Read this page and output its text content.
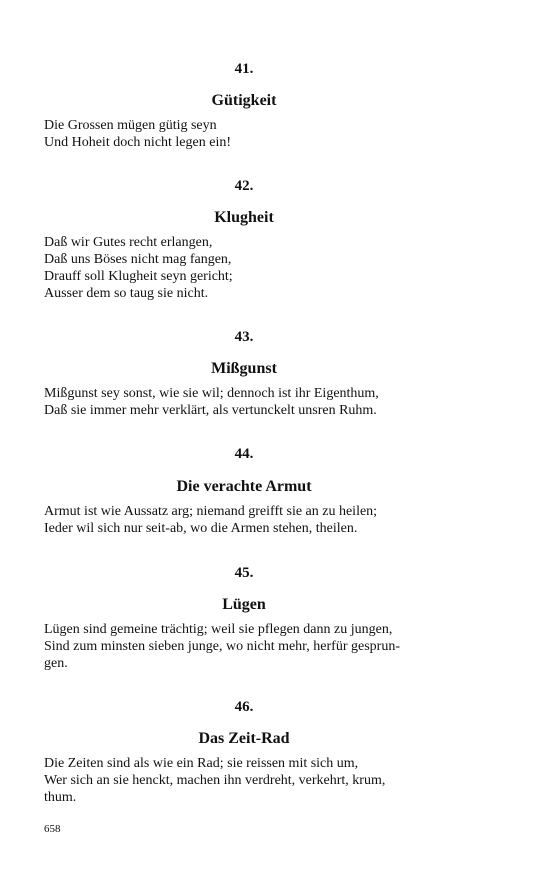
41.
Gütigkeit

Die Grossen mügen gütig seyn
Und Hoheit doch nicht legen ein!

42.
Klugheit

Daß wir Gutes recht erlangen,
Daß uns Böses nicht mag fangen,
Drauff soll Klugheit seyn gericht;
Ausser dem so taug sie nicht.

43.
Mißgunst

Mißgunst sey sonst, wie sie wil; dennoch ist ihr Eigenthum,
Daß sie immer mehr verklärt, als vertunckelt unsren Ruhm.

44.
Die verachte Armut

Armut ist wie Aussatz arg; niemand greifft sie an zu heilen;
Ieder wil sich nur seit-ab, wo die Armen stehen, theilen.

45.
Lügen

Lügen sind gemeine trächtig; weil sie pflegen dann zu jungen,
Sind zum minsten sieben junge, wo nicht mehr, herfür gesprun-
gen.

46.
Das Zeit-Rad

Die Zeiten sind als wie ein Rad; sie reissen mit sich um,
Wer sich an sie henckt, machen ihn verdreht, verkehrt, krum,
thum.

658
